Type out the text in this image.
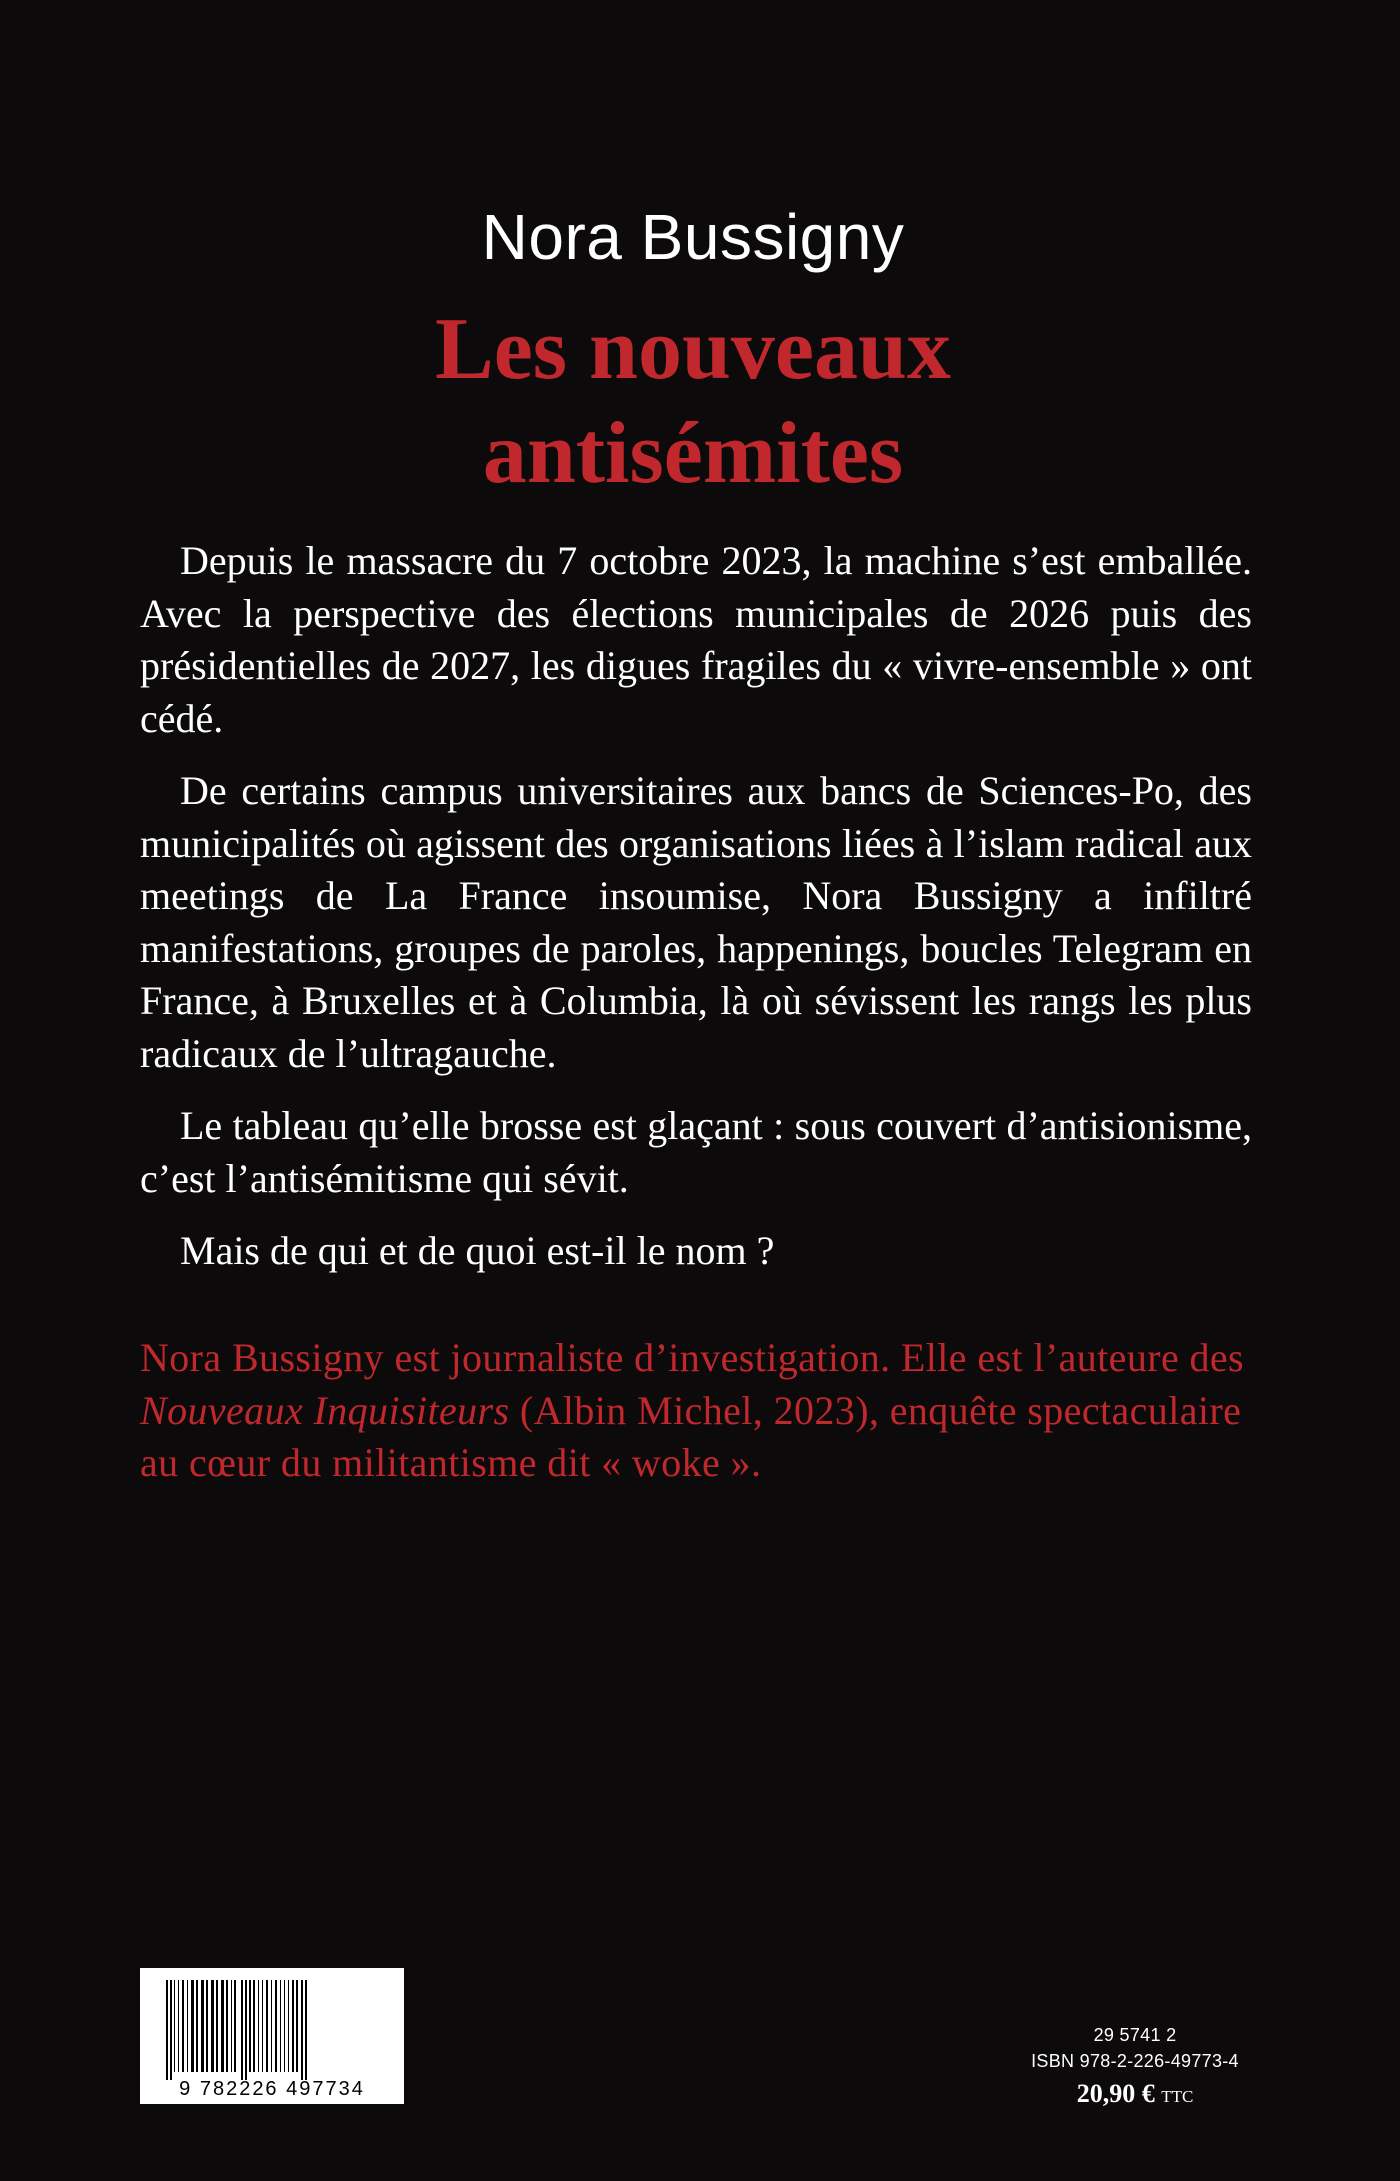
Nora Bussigny
Les nouveaux
antisémites

Depuis le massacre du 7 octobre 2023, la machine s’est emballée. Avec la perspective des élections municipales de 2026 puis des présidentielles de 2027, les digues fragiles du « vivre-ensemble » ont cédé.

De certains campus universitaires aux bancs de Sciences-Po, des municipalités où agissent des organisations liées à l’islam radical aux meetings de La France insoumise, Nora Bussigny a infiltré manifestations, groupes de paroles, happenings, boucles Telegram en France, à Bruxelles et à Columbia, là où sévissent les rangs les plus radicaux de l’ultragauche.

Le tableau qu’elle brosse est glaçant : sous couvert d’antisionisme, c’est l’antisémitisme qui sévit.

Mais de qui et de quoi est-il le nom ?

Nora Bussigny est journaliste d’investigation. Elle est l’auteure des Nouveaux Inquisiteurs (Albin Michel, 2023), enquête spectaculaire au cœur du militantisme dit « woke ».

9 782226 497734
29 5741 2
ISBN 978-2-226-49773-4
20,90 € TTC
